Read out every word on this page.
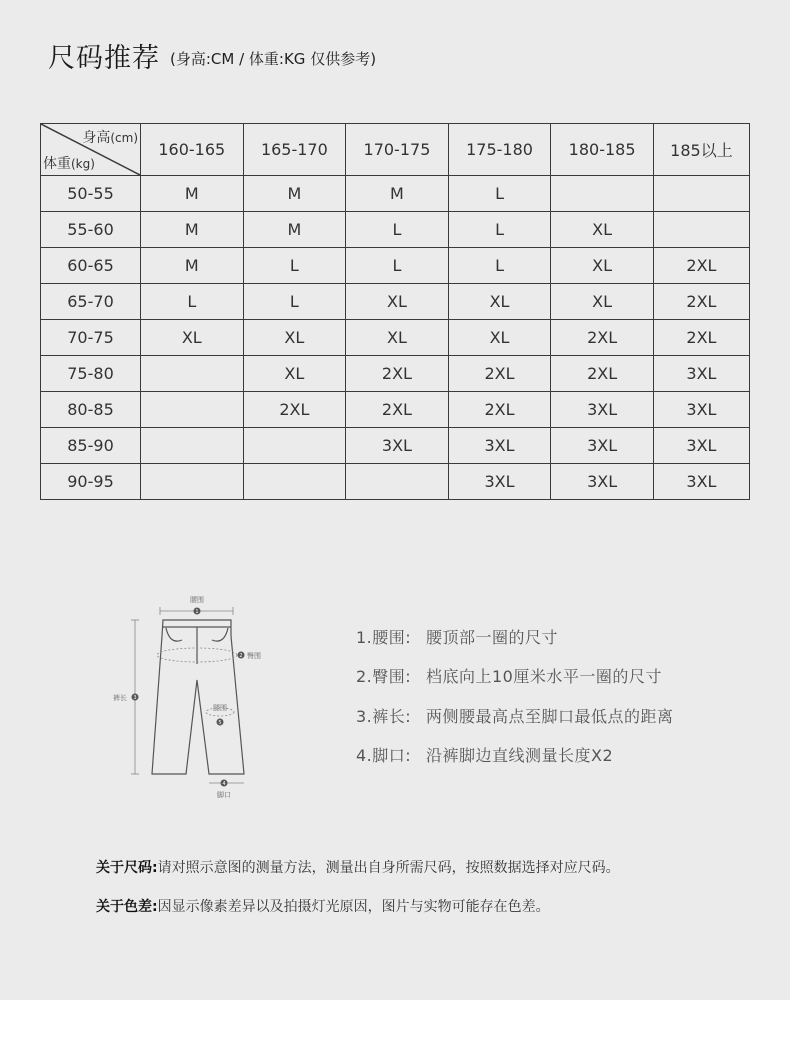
尺码推荐 (身高:CM / 体重:KG 仅供参考)
身高(cm)
体重(kg)	160-165	165-170	170-175	175-180	180-185	185以上
50-55	M	M	M	L		
55-60	M	M	L	L	XL	
60-65	M	L	L	L	XL	2XL
65-70	L	L	XL	XL	XL	2XL
70-75	XL	XL	XL	XL	2XL	2XL
75-80		XL	2XL	2XL	2XL	3XL
80-85		2XL	2XL	2XL	3XL	3XL
85-90			3XL	3XL	3XL	3XL
90-95				3XL	3XL	3XL
1
2
3
5
4
腰围
臀围
裤长
腿围
脚口
1.腰围: 腰顶部一圈的尺寸
2.臀围: 档底向上10厘米水平一圈的尺寸
3.裤长: 两侧腰最高点至脚口最低点的距离
4.脚口: 沿裤脚边直线测量长度X2
关于尺码:请对照示意图的测量方法，测量出自身所需尺码，按照数据选择对应尺码。
关于色差:因显示像素差异以及拍摄灯光原因，图片与实物可能存在色差。
